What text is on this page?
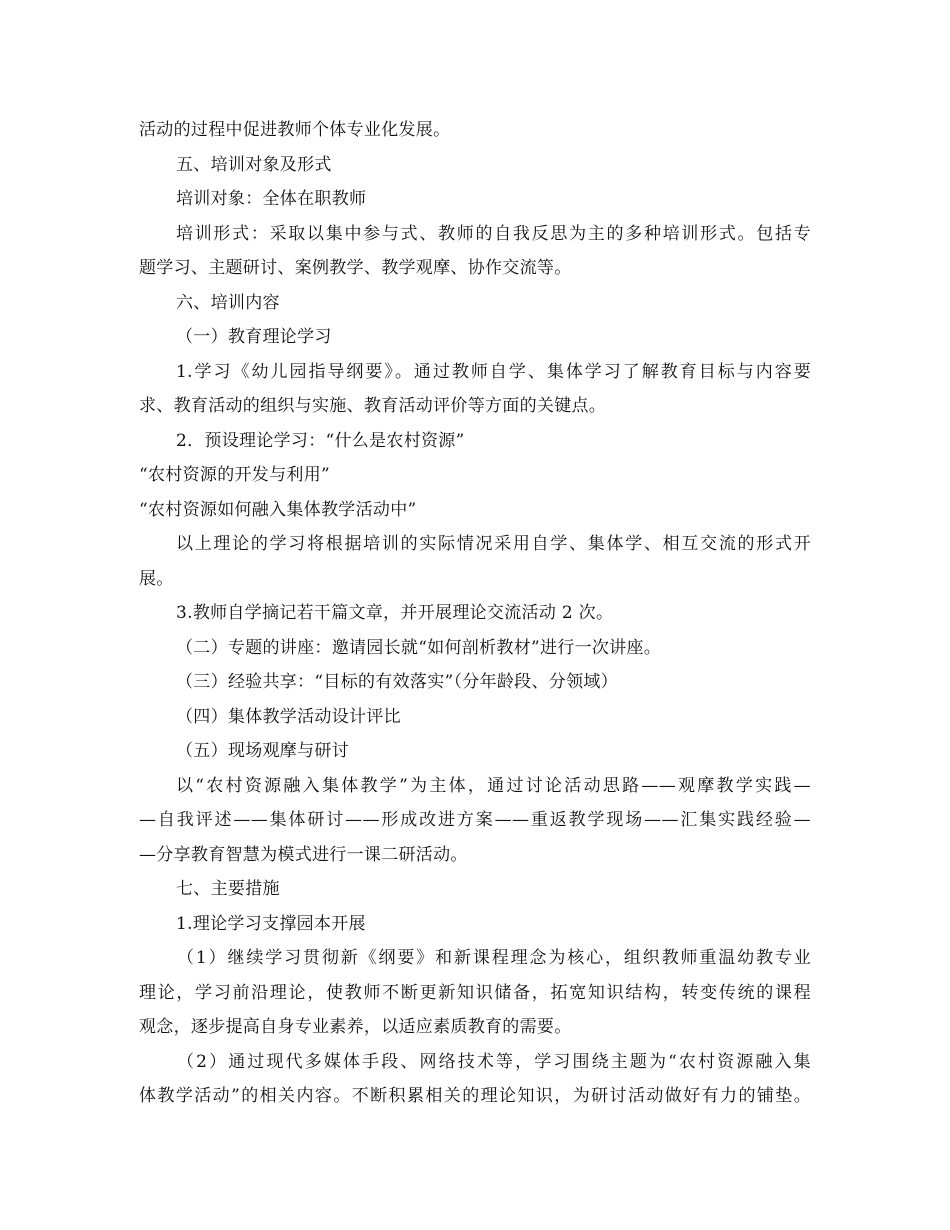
活动的过程中促进教师个体专业化发展。
五、培训对象及形式
培训对象：全体在职教师
培训形式：采取以集中参与式、教师的自我反思为主的多种培训形式。包括专
题学习、主题研讨、案例教学、教学观摩、协作交流等。
六、培训内容
（一）教育理论学习
1.学习《幼儿园指导纲要》。通过教师自学、集体学习了解教育目标与内容要
求、教育活动的组织与实施、教育活动评价等方面的关键点。
2．预设理论学习：“什么是农村资源”
“农村资源的开发与利用”
“农村资源如何融入集体教学活动中”
以上理论的学习将根据培训的实际情况采用自学、集体学、相互交流的形式开
展。
3.教师自学摘记若干篇文章，并开展理论交流活动 2 次。
（二）专题的讲座：邀请园长就“如何剖析教材”进行一次讲座。
（三）经验共享：“目标的有效落实”（分年龄段、分领域）
（四）集体教学活动设计评比
（五）现场观摩与研讨
以“农村资源融入集体教学”为主体，通过讨论活动思路——观摩教学实践—
—自我评述——集体研讨——形成改进方案——重返教学现场——汇集实践经验—
—分享教育智慧为模式进行一课二研活动。
七、主要措施
1.理论学习支撑园本开展
（1）继续学习贯彻新《纲要》和新课程理念为核心，组织教师重温幼教专业
理论，学习前沿理论，使教师不断更新知识储备，拓宽知识结构，转变传统的课程
观念，逐步提高自身专业素养，以适应素质教育的需要。
（2）通过现代多媒体手段、网络技术等，学习围绕主题为“农村资源融入集
体教学活动”的相关内容。不断积累相关的理论知识，为研讨活动做好有力的铺垫。
